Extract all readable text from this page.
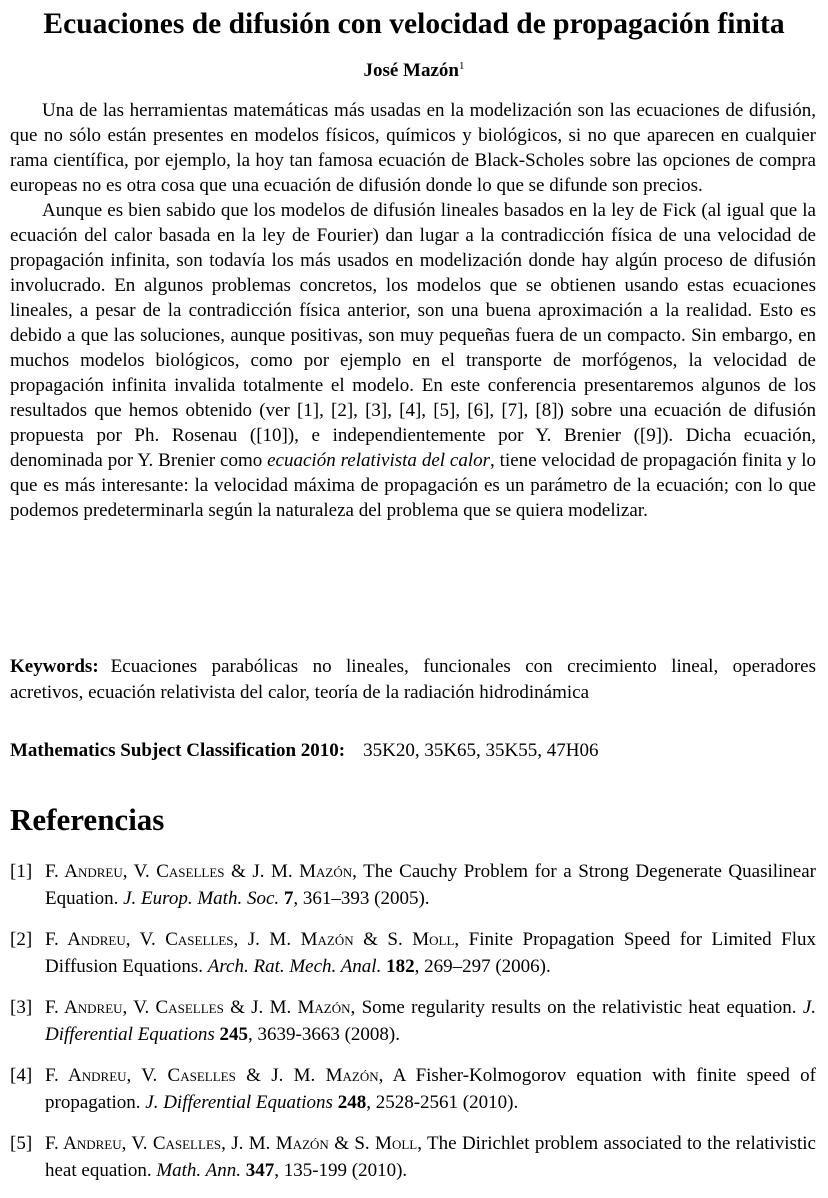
Ecuaciones de difusión con velocidad de propagación finita
José Mazón$^1$

Una de las herramientas matemáticas más usadas en la modelización son las ecuaciones de difusión, que no sólo están presentes en modelos físicos, químicos y biológicos, si no que aparecen en cualquier rama científica, por ejemplo, la hoy tan famosa ecuación de Black-Scholes sobre las opciones de compra europeas no es otra cosa que una ecuación de difusión donde lo que se difunde son precios.

Aunque es bien sabido que los modelos de difusión lineales basados en la ley de Fick (al igual que la ecuación del calor basada en la ley de Fourier) dan lugar a la contradicción física de una velocidad de propagación infinita, son todavía los más usados en modelización donde hay algún proceso de difusión involucrado. En algunos problemas concretos, los modelos que se obtienen usando estas ecuaciones lineales, a pesar de la contradicción física anterior, son una buena aproximación a la realidad. Esto es debido a que las soluciones, aunque positivas, son muy pequeñas fuera de un compacto. Sin embargo, en muchos modelos biológicos, como por ejemplo en el transporte de morfógenos, la velocidad de propagación infinita invalida totalmente el modelo. En este conferencia presentaremos algunos de los resultados que hemos obtenido (ver [1], [2], [3], [4], [5], [6], [7], [8]) sobre una ecuación de difusión propuesta por Ph. Rosenau ([10]), e independientemente por Y. Brenier ([9]). Dicha ecuación, denominada por Y. Brenier como ecuación relativista del calor, tiene velocidad de propagación finita y lo que es más interesante: la velocidad máxima de propagación es un parámetro de la ecuación; con lo que podemos predeterminarla según la naturaleza del problema que se quiera modelizar.

Keywords: Ecuaciones parabólicas no lineales, funcionales con crecimiento lineal, operadores acretivos, ecuación relativista del calor, teoría de la radiación hidrodinámica
Mathematics Subject Classification 2010: 35K20, 35K65, 35K55, 47H06
Referencias
[1] F. Andreu, V. Caselles & J. M. Mazón, The Cauchy Problem for a Strong Degenerate Quasilinear Equation. J. Europ. Math. Soc. 7, 361–393 (2005).
[2] F. Andreu, V. Caselles, J. M. Mazón & S. Moll, Finite Propagation Speed for Limited Flux Diffusion Equations. Arch. Rat. Mech. Anal. 182, 269–297 (2006).
[3] F. Andreu, V. Caselles & J. M. Mazón, Some regularity results on the relativistic heat equation. J. Differential Equations 245, 3639-3663 (2008).
[4] F. Andreu, V. Caselles & J. M. Mazón, A Fisher-Kolmogorov equation with finite speed of propagation. J. Differential Equations 248, 2528-2561 (2010).
[5] F. Andreu, V. Caselles, J. M. Mazón & S. Moll, The Dirichlet problem associated to the relativistic heat equation. Math. Ann. 347, 135-199 (2010).
